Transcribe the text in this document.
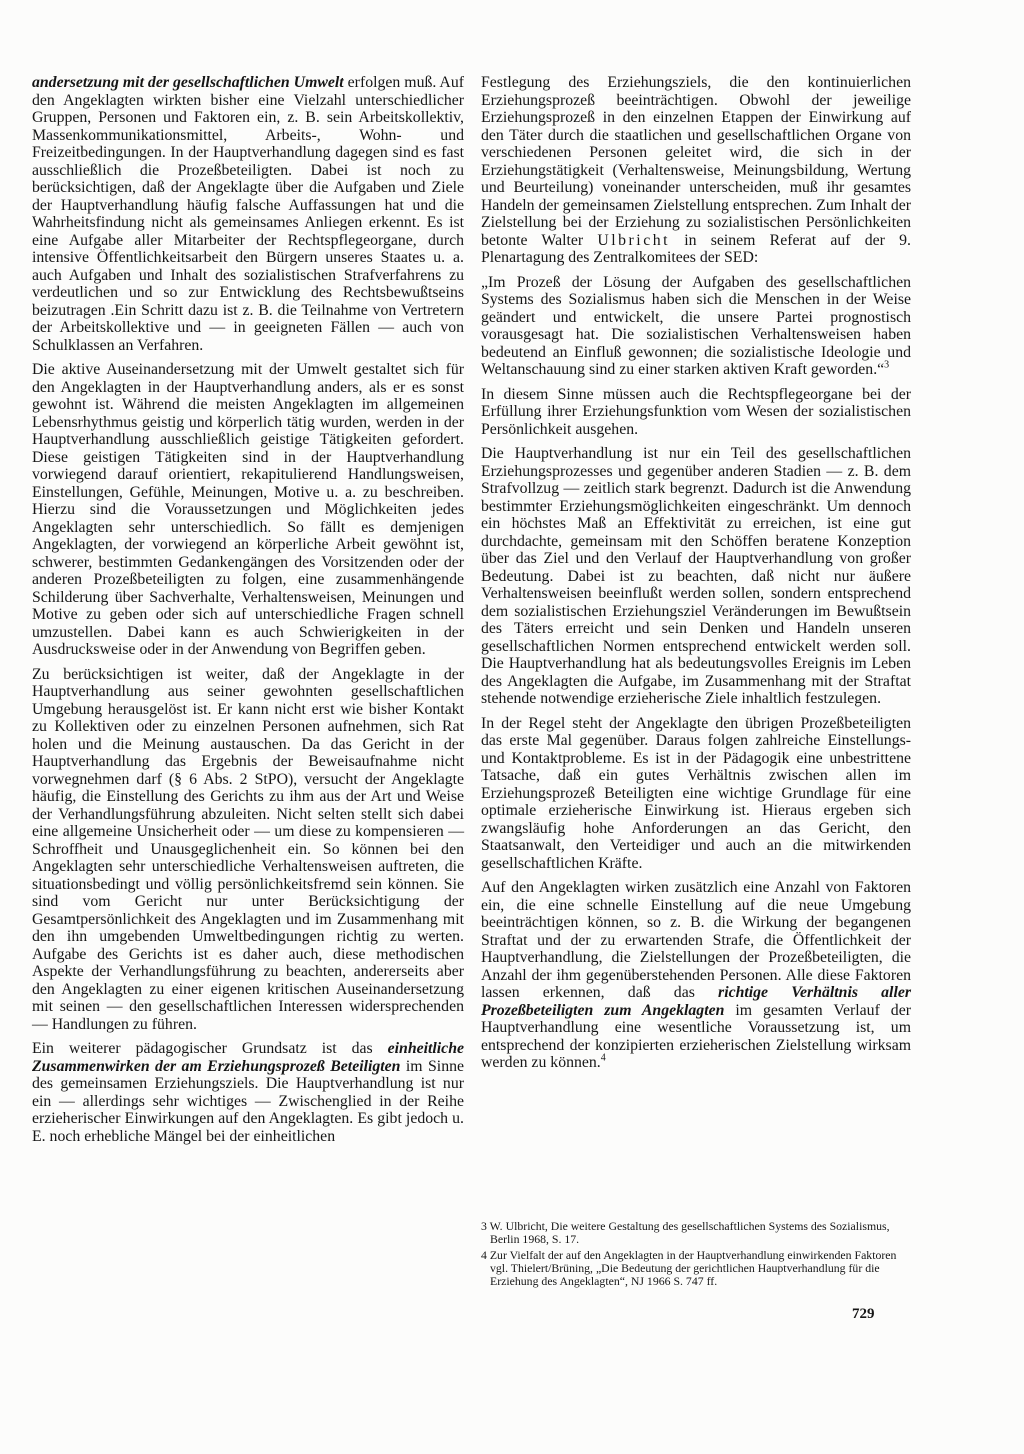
andersetzung mit der gesellschaftlichen Umwelt erfolgen muß. Auf den Angeklagten wirkten bisher eine Vielzahl unterschiedlicher Gruppen, Personen und Faktoren ein, z. B. sein Arbeitskollektiv, Massenkommunikationsmittel, Arbeits-, Wohn- und Freizeitbedingungen. In der Hauptverhandlung dagegen sind es fast ausschließlich die Prozeßbeteiligten. Dabei ist noch zu berücksichtigen, daß der Angeklagte über die Aufgaben und Ziele der Hauptverhandlung häufig falsche Auffassungen hat und die Wahrheitsfindung nicht als gemeinsames Anliegen erkennt. Es ist eine Aufgabe aller Mitarbeiter der Rechtspflegeorgane, durch intensive Öffentlichkeitsarbeit den Bürgern unseres Staates u. a. auch Aufgaben und Inhalt des sozialistischen Strafverfahrens zu verdeutlichen und so zur Entwicklung des Rechtsbewußtseins beizutragen .Ein Schritt dazu ist z. B. die Teilnahme von Vertretern der Arbeitskollektive und — in geeigneten Fällen — auch von Schulklassen an Verfahren.

Die aktive Auseinandersetzung mit der Umwelt gestaltet sich für den Angeklagten in der Hauptverhandlung anders, als er es sonst gewohnt ist. Während die meisten Angeklagten im allgemeinen Lebensrhythmus geistig und körperlich tätig wurden, werden in der Hauptverhandlung ausschließlich geistige Tätigkeiten gefordert. Diese geistigen Tätigkeiten sind in der Hauptverhandlung vorwiegend darauf orientiert, rekapitulierend Handlungsweisen, Einstellungen, Gefühle, Meinungen, Motive u. a. zu beschreiben. Hierzu sind die Voraussetzungen und Möglichkeiten jedes Angeklagten sehr unterschiedlich. So fällt es demjenigen Angeklagten, der vorwiegend an körperliche Arbeit gewöhnt ist, schwerer, bestimmten Gedankengängen des Vorsitzenden oder der anderen Prozeßbeteiligten zu folgen, eine zusammenhängende Schilderung über Sachverhalte, Verhaltensweisen, Meinungen und Motive zu geben oder sich auf unterschiedliche Fragen schnell umzustellen. Dabei kann es auch Schwierigkeiten in der Ausdrucksweise oder in der Anwendung von Begriffen geben.

Zu berücksichtigen ist weiter, daß der Angeklagte in der Hauptverhandlung aus seiner gewohnten gesellschaftlichen Umgebung herausgelöst ist. Er kann nicht erst wie bisher Kontakt zu Kollektiven oder zu einzelnen Personen aufnehmen, sich Rat holen und die Meinung austauschen. Da das Gericht in der Hauptverhandlung das Ergebnis der Beweisaufnahme nicht vorwegnehmen darf (§ 6 Abs. 2 StPO), versucht der Angeklagte häufig, die Einstellung des Gerichts zu ihm aus der Art und Weise der Verhandlungsführung abzuleiten. Nicht selten stellt sich dabei eine allgemeine Unsicherheit oder — um diese zu kompensieren — Schroffheit und Unausgeglichenheit ein. So können bei den Angeklagten sehr unterschiedliche Verhaltensweisen auftreten, die situationsbedingt und völlig persönlichkeitsfremd sein können. Sie sind vom Gericht nur unter Berücksichtigung der Gesamtpersönlichkeit des Angeklagten und im Zusammenhang mit den ihn umgebenden Umweltbedingungen richtig zu werten. Aufgabe des Gerichts ist es daher auch, diese methodischen Aspekte der Verhandlungsführung zu beachten, andererseits aber den Angeklagten zu einer eigenen kritischen Auseinandersetzung mit seinen — den gesellschaftlichen Interessen widersprechenden — Handlungen zu führen.

Ein weiterer pädagogischer Grundsatz ist das einheitliche Zusammenwirken der am Erziehungsprozeß Beteiligten im Sinne des gemeinsamen Erziehungsziels. Die Hauptverhandlung ist nur ein — allerdings sehr wichtiges — Zwischenglied in der Reihe erzieherischer Einwirkungen auf den Angeklagten. Es gibt jedoch u. E. noch erhebliche Mängel bei der einheitlichen

Festlegung des Erziehungsziels, die den kontinuierlichen Erziehungsprozeß beeinträchtigen. Obwohl der jeweilige Erziehungsprozeß in den einzelnen Etappen der Einwirkung auf den Täter durch die staatlichen und gesellschaftlichen Organe von verschiedenen Personen geleitet wird, die sich in der Erziehungstätigkeit (Verhaltensweise, Meinungsbildung, Wertung und Beurteilung) voneinander unterscheiden, muß ihr gesamtes Handeln der gemeinsamen Zielstellung entsprechen. Zum Inhalt der Zielstellung bei der Erziehung zu sozialistischen Persönlichkeiten betonte Walter Ulbricht in seinem Referat auf der 9. Plenartagung des Zentralkomitees der SED:

„Im Prozeß der Lösung der Aufgaben des gesellschaftlichen Systems des Sozialismus haben sich die Menschen in der Weise geändert und entwickelt, die unsere Partei prognostisch vorausgesagt hat. Die sozialistischen Verhaltensweisen haben bedeutend an Einfluß gewonnen; die sozialistische Ideologie und Weltanschauung sind zu einer starken aktiven Kraft geworden.“$^3$

In diesem Sinne müssen auch die Rechtspflegeorgane bei der Erfüllung ihrer Erziehungsfunktion vom Wesen der sozialistischen Persönlichkeit ausgehen.

Die Hauptverhandlung ist nur ein Teil des gesellschaftlichen Erziehungsprozesses und gegenüber anderen Stadien — z. B. dem Strafvollzug — zeitlich stark begrenzt. Dadurch ist die Anwendung bestimmter Erziehungsmöglichkeiten eingeschränkt. Um dennoch ein höchstes Maß an Effektivität zu erreichen, ist eine gut durchdachte, gemeinsam mit den Schöffen beratene Konzeption über das Ziel und den Verlauf der Hauptverhandlung von großer Bedeutung. Dabei ist zu beachten, daß nicht nur äußere Verhaltensweisen beeinflußt werden sollen, sondern entsprechend dem sozialistischen Erziehungsziel Veränderungen im Bewußtsein des Täters erreicht und sein Denken und Handeln unseren gesellschaftlichen Normen entsprechend entwickelt werden soll. Die Hauptverhandlung hat als bedeutungsvolles Ereignis im Leben des Angeklagten die Aufgabe, im Zusammenhang mit der Straftat stehende notwendige erzieherische Ziele inhaltlich festzulegen.

In der Regel steht der Angeklagte den übrigen Prozeßbeteiligten das erste Mal gegenüber. Daraus folgen zahlreiche Einstellungs- und Kontaktprobleme. Es ist in der Pädagogik eine unbestrittene Tatsache, daß ein gutes Verhältnis zwischen allen im Erziehungsprozeß Beteiligten eine wichtige Grundlage für eine optimale erzieherische Einwirkung ist. Hieraus ergeben sich zwangsläufig hohe Anforderungen an das Gericht, den Staatsanwalt, den Verteidiger und auch an die mitwirkenden gesellschaftlichen Kräfte.

Auf den Angeklagten wirken zusätzlich eine Anzahl von Faktoren ein, die eine schnelle Einstellung auf die neue Umgebung beeinträchtigen können, so z. B. die Wirkung der begangenen Straftat und der zu erwartenden Strafe, die Öffentlichkeit der Hauptverhandlung, die Zielstellungen der Prozeßbeteiligten, die Anzahl der ihm gegenüberstehenden Personen. Alle diese Faktoren lassen erkennen, daß das richtige Verhältnis aller Prozeßbeteiligten zum Angeklagten im gesamten Verlauf der Hauptverhandlung eine wesentliche Voraussetzung ist, um entsprechend der konzipierten erzieherischen Zielstellung wirksam werden zu können.$^4$

3 W. Ulbricht, Die weitere Gestaltung des gesellschaftlichen Systems des Sozialismus, Berlin 1968, S. 17.

4 Zur Vielfalt der auf den Angeklagten in der Hauptverhandlung einwirkenden Faktoren vgl. Thielert/Brüning, „Die Bedeutung der gerichtlichen Hauptverhandlung für die Erziehung des Angeklagten“, NJ 1966 S. 747 ff.

729
